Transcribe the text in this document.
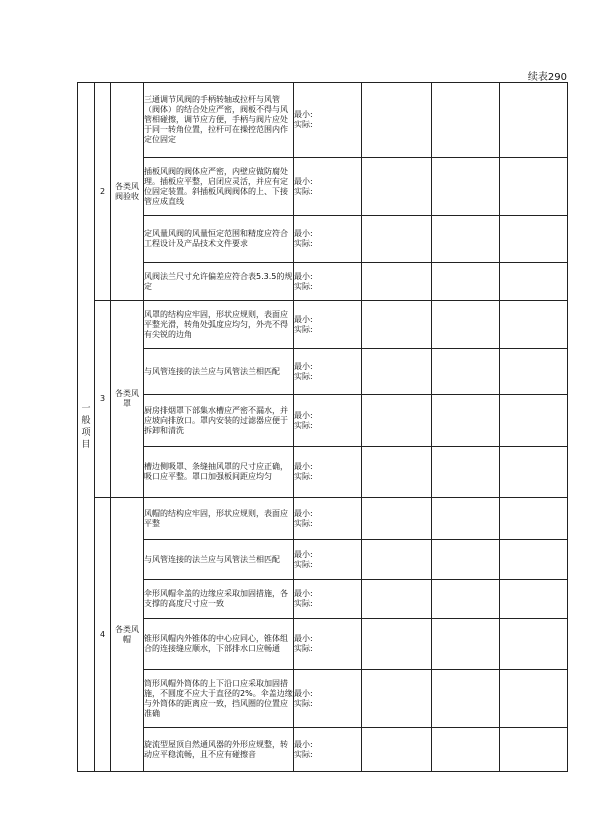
续表290
一般项目	2	各类风阀验收	三通调节风阀的手柄转轴或拉杆与风管（阀体）的结合处应严密，阀板不得与风管相碰擦，调节应方便，手柄与阀片应处于同一转角位置，拉杆可在操控范围内作定位固定	最小:
实际:			

			插板风阀的阀体应严密，内壁应做防腐处理。插板应平整，启闭应灵活，并应有定位固定装置。斜插板风阀阀体的上、下接管应成直线	最小:
实际:			

			定风量风阀的风量恒定范围和精度应符合工程设计及产品技术文件要求	最小:
实际:			

			风阀法兰尺寸允许偏差应符合表5.3.5的规定	最小:
实际:			

	3	各类风罩	风罩的结构应牢固，形状应规则，表面应平整光滑，转角处弧度应均匀，外壳不得有尖锐的边角	最小:
实际:			

			与风管连接的法兰应与风管法兰相匹配	最小:
实际:			

			厨房排烟罩下部集水槽应严密不漏水，并应坡向排放口。罩内安装的过滤器应便于拆卸和清洗	最小:
实际:			

			槽边侧吸罩、条缝抽风罩的尺寸应正确，吸口应平整。罩口加强板间距应均匀	最小:
实际:			

	4	各类风帽	风帽的结构应牢固，形状应规则，表面应平整	最小:
实际:			

			与风管连接的法兰应与风管法兰相匹配	最小:
实际:			

			伞形风帽伞盖的边缘应采取加固措施，各支撑的高度尺寸应一致	最小:
实际:			

			锥形风帽内外锥体的中心应同心，锥体组合的连接缝应顺水，下部排水口应畅通	最小:
实际:			

			筒形风帽外筒体的上下沿口应采取加固措施，不圆度不应大于直径的2%。伞盖边缘与外筒体的距离应一致，挡风圈的位置应准确	最小:
实际:			

			旋流型屋顶自然通风器的外形应规整，转动应平稳流畅，且不应有碰擦音	最小:
实际:			
